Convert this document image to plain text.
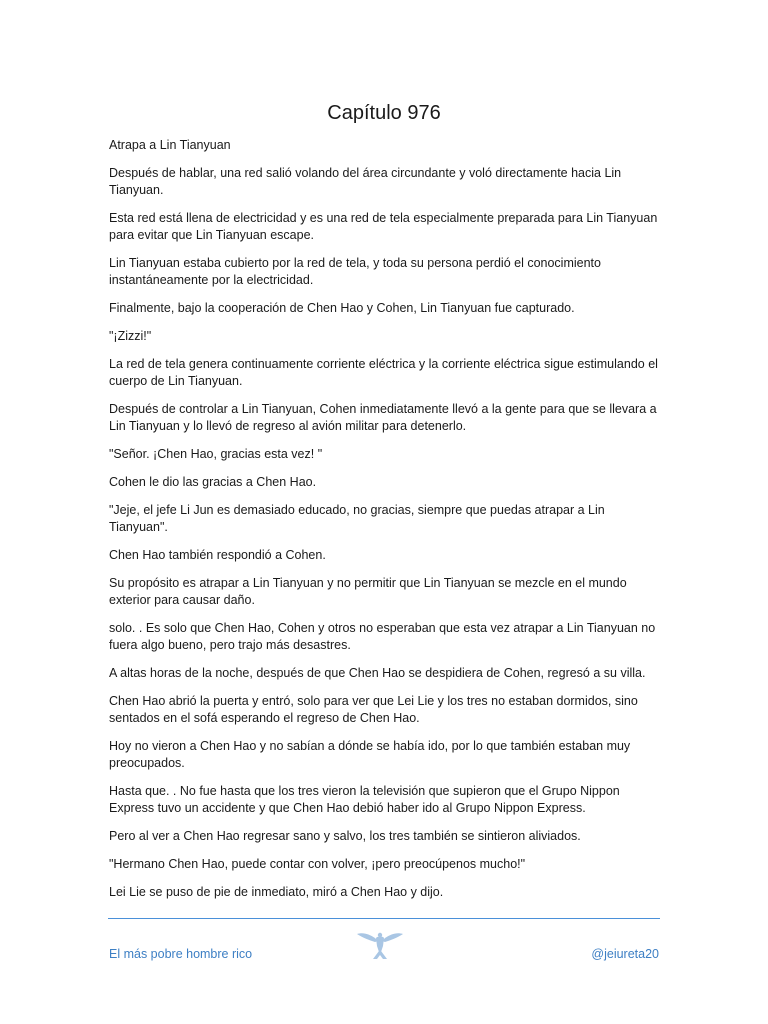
Capítulo 976

Atrapa a Lin Tianyuan

Después de hablar, una red salió volando del área circundante y voló directamente hacia Lin Tianyuan.

Esta red está llena de electricidad y es una red de tela especialmente preparada para Lin Tianyuan para evitar que Lin Tianyuan escape.

Lin Tianyuan estaba cubierto por la red de tela, y toda su persona perdió el conocimiento instantáneamente por la electricidad.

Finalmente, bajo la cooperación de Chen Hao y Cohen, Lin Tianyuan fue capturado.

"¡Zizzi!"

La red de tela genera continuamente corriente eléctrica y la corriente eléctrica sigue estimulando el cuerpo de Lin Tianyuan.

Después de controlar a Lin Tianyuan, Cohen inmediatamente llevó a la gente para que se llevara a Lin Tianyuan y lo llevó de regreso al avión militar para detenerlo.

"Señor. ¡Chen Hao, gracias esta vez! "

Cohen le dio las gracias a Chen Hao.

"Jeje, el jefe Li Jun es demasiado educado, no gracias, siempre que puedas atrapar a Lin Tianyuan".

Chen Hao también respondió a Cohen.

Su propósito es atrapar a Lin Tianyuan y no permitir que Lin Tianyuan se mezcle en el mundo exterior para causar daño.

solo. . Es solo que Chen Hao, Cohen y otros no esperaban que esta vez atrapar a Lin Tianyuan no fuera algo bueno, pero trajo más desastres.

A altas horas de la noche, después de que Chen Hao se despidiera de Cohen, regresó a su villa.

Chen Hao abrió la puerta y entró, solo para ver que Lei Lie y los tres no estaban dormidos, sino sentados en el sofá esperando el regreso de Chen Hao.

Hoy no vieron a Chen Hao y no sabían a dónde se había ido, por lo que también estaban muy preocupados.

Hasta que. . No fue hasta que los tres vieron la televisión que supieron que el Grupo Nippon Express tuvo un accidente y que Chen Hao debió haber ido al Grupo Nippon Express.

Pero al ver a Chen Hao regresar sano y salvo, los tres también se sintieron aliviados.

"Hermano Chen Hao, puede contar con volver, ¡pero preocúpenos mucho!"

Lei Lie se puso de pie de inmediato, miró a Chen Hao y dijo.

El más pobre hombre rico	@jeiureta20
